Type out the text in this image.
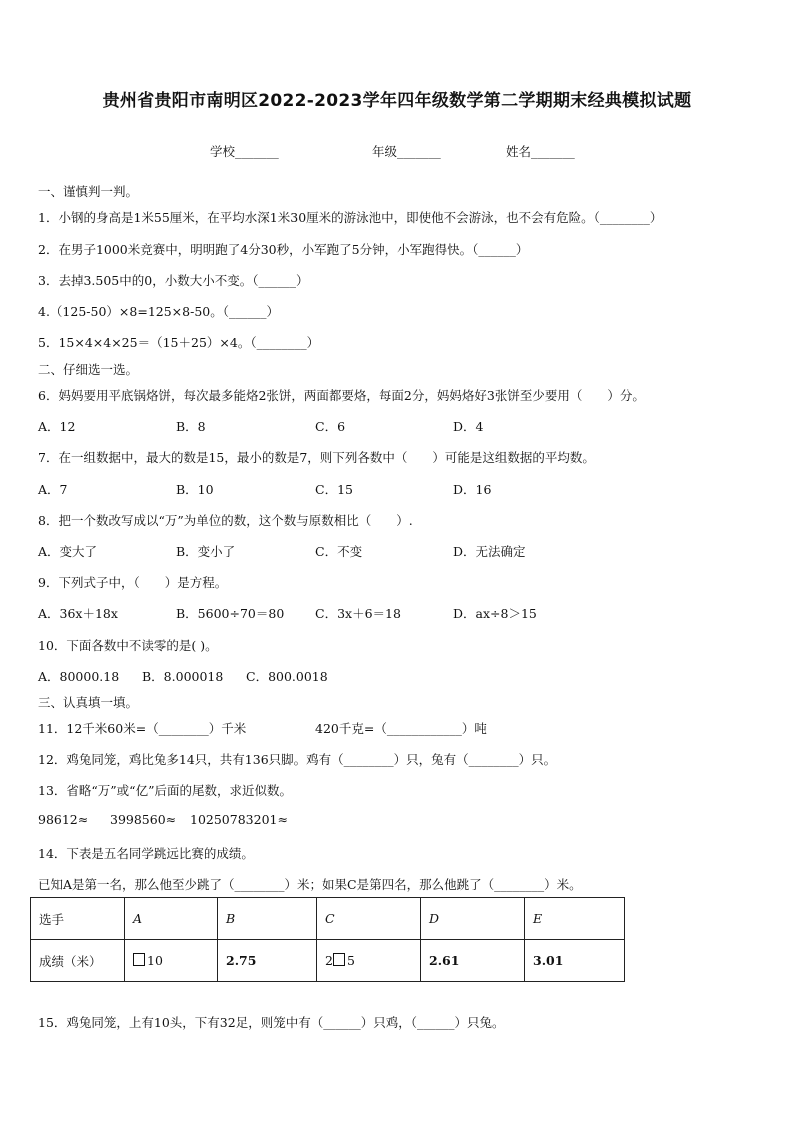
贵州省贵阳市南明区2022-2023学年四年级数学第二学期期末经典模拟试题
学校_______	年级_______	姓名_______
一、谨慎判一判。
1．小钢的身高是1米55厘米，在平均水深1米30厘米的游泳池中，即使他不会游泳，也不会有危险。（________）
2．在男子1000米竞赛中，明明跑了4分30秒，小军跑了5分钟，小军跑得快。（______）
3．去掉3.505中的0，小数大小不变。（______）
4.（125-50）×8=125×8-50。（______）
5．15×4×4×25＝（15＋25）×4。（________）
二、仔细选一选。
6．妈妈要用平底锅烙饼，每次最多能烙2张饼，两面都要烙，每面2分，妈妈烙好3张饼至少要用（　　）分。
A．12	B．8	C．6	D．4
7．在一组数据中，最大的数是15，最小的数是7，则下列各数中（　　）可能是这组数据的平均数。
A．7	B．10	C．15	D．16
8．把一个数改写成以“万”为单位的数，这个数与原数相比（　　）.
A．变大了	B．变小了	C．不变	D．无法确定
9．下列式子中，（　　）是方程。
A．36x＋18x	B．5600÷70＝80 C．3x＋6＝18	D．ax÷8＞15
10．下面各数中不读零的是( )。
A．80000.18 B．8.000018 C．800.0018
三、认真填一填。
11．12千米60米=（________）千米	420千克=（____________）吨
12．鸡兔同笼，鸡比兔多14只，共有136只脚。鸡有（________）只，兔有（________）只。
13．省略“万”或“亿”后面的尾数，求近似数。
98612≈ 3998560≈ 10250783201≈
14．下表是五名同学跳远比赛的成绩。
已知A是第一名，那么他至少跳了（________）米；如果C是第四名，那么他跳了（________）米。
选手	A	B	C	D	E
成绩（米）	10	2.75	2 5	2.61	3.01
15．鸡兔同笼，上有10头，下有32足，则笼中有（______）只鸡，（______）只兔。
